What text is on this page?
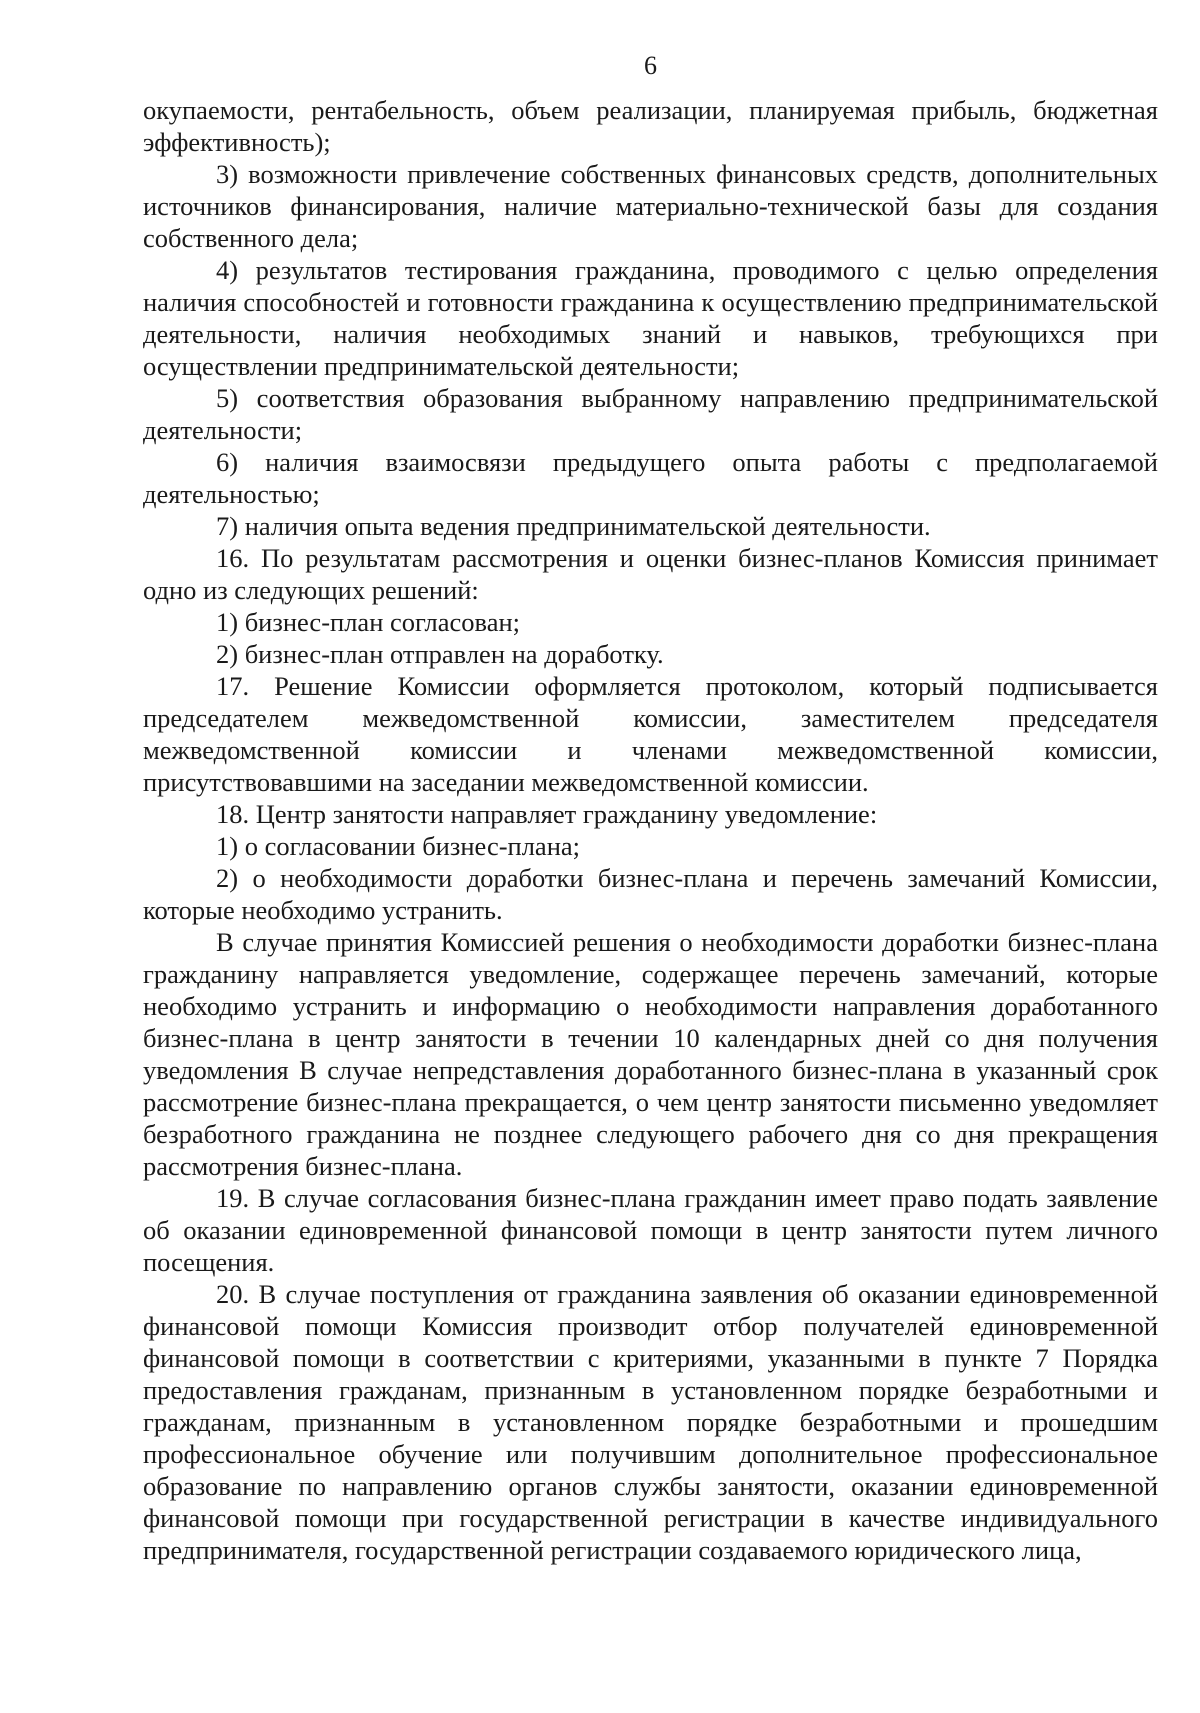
6

окупаемости, рентабельность, объем реализации, планируемая прибыль, бюджетная эффективность);

3) возможности привлечение собственных финансовых средств, дополнительных источников финансирования, наличие материально-технической базы для создания собственного дела;

4) результатов тестирования гражданина, проводимого с целью определения наличия способностей и готовности гражданина к осуществлению предпринимательской деятельности, наличия необходимых знаний и навыков, требующихся при осуществлении предпринимательской деятельности;

5) соответствия образования выбранному направлению предпринимательской деятельности;

6) наличия взаимосвязи предыдущего опыта работы с предполагаемой деятельностью;

7) наличия опыта ведения предпринимательской деятельности.

16. По результатам рассмотрения и оценки бизнес-планов Комиссия принимает одно из следующих решений:

1) бизнес-план согласован;

2) бизнес-план отправлен на доработку.

17. Решение Комиссии оформляется протоколом, который подписывается председателем межведомственной комиссии, заместителем председателя межведомственной комиссии и членами межведомственной комиссии, присутствовавшими на заседании межведомственной комиссии.

18. Центр занятости направляет гражданину уведомление:

1) о согласовании бизнес-плана;

2) о необходимости доработки бизнес-плана и перечень замечаний Комиссии, которые необходимо устранить.

В случае принятия Комиссией решения о необходимости доработки бизнес-плана гражданину направляется уведомление, содержащее перечень замечаний, которые необходимо устранить и информацию о необходимости направления доработанного бизнес-плана в центр занятости в течении 10 календарных дней со дня получения уведомления В случае непредставления доработанного бизнес-плана в указанный срок рассмотрение бизнес-плана прекращается, о чем центр занятости письменно уведомляет безработного гражданина не позднее следующего рабочего дня со дня прекращения рассмотрения бизнес-плана.

19. В случае согласования бизнес-плана гражданин имеет право подать заявление об оказании единовременной финансовой помощи в центр занятости путем личного посещения.

20. В случае поступления от гражданина заявления об оказании единовременной финансовой помощи Комиссия производит отбор получателей единовременной финансовой помощи в соответствии с критериями, указанными в пункте 7 Порядка предоставления гражданам, признанным в установленном порядке безработными и гражданам, признанным в установленном порядке безработными и прошедшим профессиональное обучение или получившим дополнительное профессиональное образование по направлению органов службы занятости, оказании единовременной финансовой помощи при государственной регистрации в качестве индивидуального предпринимателя, государственной регистрации создаваемого юридического лица,
